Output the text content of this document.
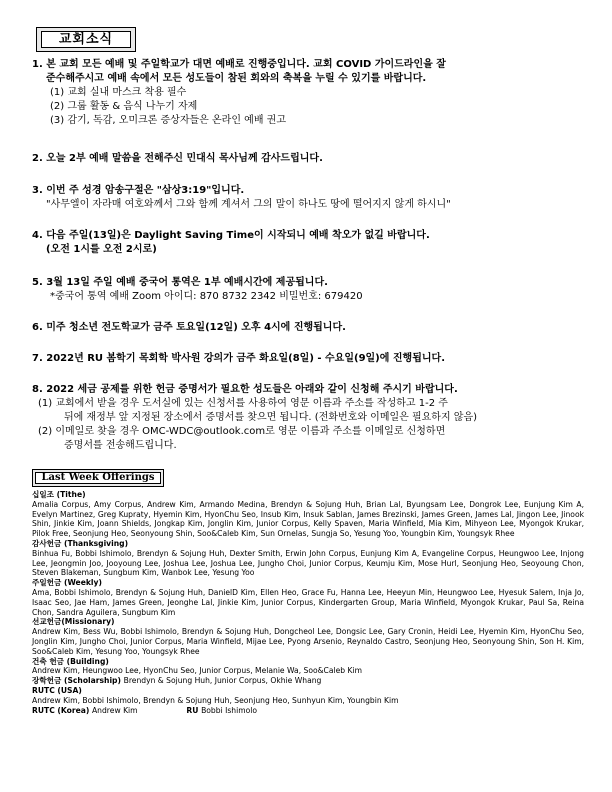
교회소식
1. 본 교회 모든 예배 및 주일학교가 대면 예배로 진행중입니다. 교회 COVID 가이드라인을 잘
준수해주시고 예배 속에서 모든 성도들이 참된 회와의 축복을 누릴 수 있기를 바랍니다.
(1) 교회 실내 마스크 착용 필수
(2) 그룹 활동 & 음식 나누기 자제
(3) 감기, 독감, 오미크론 증상자들은 온라인 예배 권고
2. 오늘 2부 예배 말씀을 전해주신 민대식 목사님께 감사드립니다.
3. 이번 주 성경 암송구절은 "삼상3:19"입니다.
"사무엘이 자라매 여호와께서 그와 함께 계셔서 그의 말이 하나도 땅에 떨어지지 않게 하시니"
4. 다음 주일(13일)은 Daylight Saving Time이 시작되니 예배 착오가 없길 바랍니다.
(오전 1시를 오전 2시로)
5. 3월 13일 주일 예배 중국어 통역은 1부 예배시간에 제공됩니다.
*중국어 통역 예배 Zoom 아이디: 870 8732 2342 비밀번호: 679420
6. 미주 청소년 전도학교가 금주 토요일(12일) 오후 4시에 진행됩니다.
7. 2022년 RU 봄학기 목회학 박사원 강의가 금주 화요일(8일) - 수요일(9일)에 진행됩니다.
8. 2022 세금 공제를 위한 헌금 증명서가 필요한 성도들은 아래와 같이 신청해 주시기 바랍니다.
(1) 교회에서 받을 경우 도서실에 있는 신청서를 사용하여 영문 이름과 주소를 작성하고 1-2 주
뒤에 재정부 앞 지정된 장소에서 증명서를 찾으면 됩니다. (전화번호와 이메일은 필요하지 않음)
(2) 이메일로 찾을 경우 OMC-WDC@outlook.com로 영문 이름과 주소를 이메일로 신청하면
증명서를 전송해드립니다.
Last Week Offerings
십일조 (Tithe)
Amalia Corpus, Amy Corpus, Andrew Kim, Armando Medina, Brendyn & Sojung Huh, Brian Lal, Byungsam Lee, Dongrok Lee, Eunjung Kim A, Evelyn Martinez, Greg Kupraty, Hyemin Kim, HyonChu Seo, Insub Kim, Insuk Sablan, James Brezinski, James Green, James Lal, Jingon Lee, Jinook Shin, Jinkie Kim, Joann Shields, Jongkap Kim, Jonglin Kim, Junior Corpus, Kelly Spaven, Maria Winfield, Mia Kim, Mihyeon Lee, Myongok Krukar, Pilok Free, Seonjung Heo, Seonyoung Shin, Soo&Caleb Kim, Sun Ornelas, Sungja So, Yesung Yoo, Youngbin Kim, Youngsyk Rhee
감사헌금 (Thanksgiving)
Binhua Fu, Bobbi Ishimolo, Brendyn & Sojung Huh, Dexter Smith, Erwin John Corpus, Eunjung Kim A, Evangeline Corpus, Heungwoo Lee, Injong Lee, Jeongmin Joo, Jooyoung Lee, Joshua Lee, Joshua Lee, Jungho Choi, Junior Corpus, Keumju Kim, Mose Hurl, Seonjung Heo, Seoyoung Chon, Steven Blakeman, Sungbum Kim, Wanbok Lee, Yesung Yoo
주일헌금 (Weekly)
Ama, Bobbi Ishimolo, Brendyn & Sojung Huh, DanielD Kim, Ellen Heo, Grace Fu, Hanna Lee, Heeyun Min, Heungwoo Lee, Hyesuk Salem, Inja Jo, Isaac Seo, Jae Ham, James Green, Jeonghe Lal, Jinkie Kim, Junior Corpus, Kindergarten Group, Maria Winfield, Myongok Krukar, Paul Sa, Reina Chon, Sandra Aguilera, Sungbum Kim
선교헌금(Missionary)
Andrew Kim, Bess Wu, Bobbi Ishimolo, Brendyn & Sojung Huh, Dongcheol Lee, Dongsic Lee, Gary Cronin, Heidi Lee, Hyemin Kim, HyonChu Seo, Jonglin Kim, Jungho Choi, Junior Corpus, Maria Winfield, Mijae Lee, Pyong Arsenio, Reynaldo Castro, Seonjung Heo, Seonyoung Shin, Son H. Kim, Soo&Caleb Kim, Yesung Yoo, Youngsyk Rhee
건축 헌금 (Building)
Andrew Kim, Heungwoo Lee, HyonChu Seo, Junior Corpus, Melanie Wa, Soo&Caleb Kim
장학헌금 (Scholarship) Brendyn & Sojung Huh, Junior Corpus, Okhie Whang
RUTC (USA)
Andrew Kim, Bobbi Ishimolo, Brendyn & Sojung Huh, Seonjung Heo, Sunhyun Kim, Youngbin Kim
RUTC (Korea) Andrew Kim	RU Bobbi Ishimolo
